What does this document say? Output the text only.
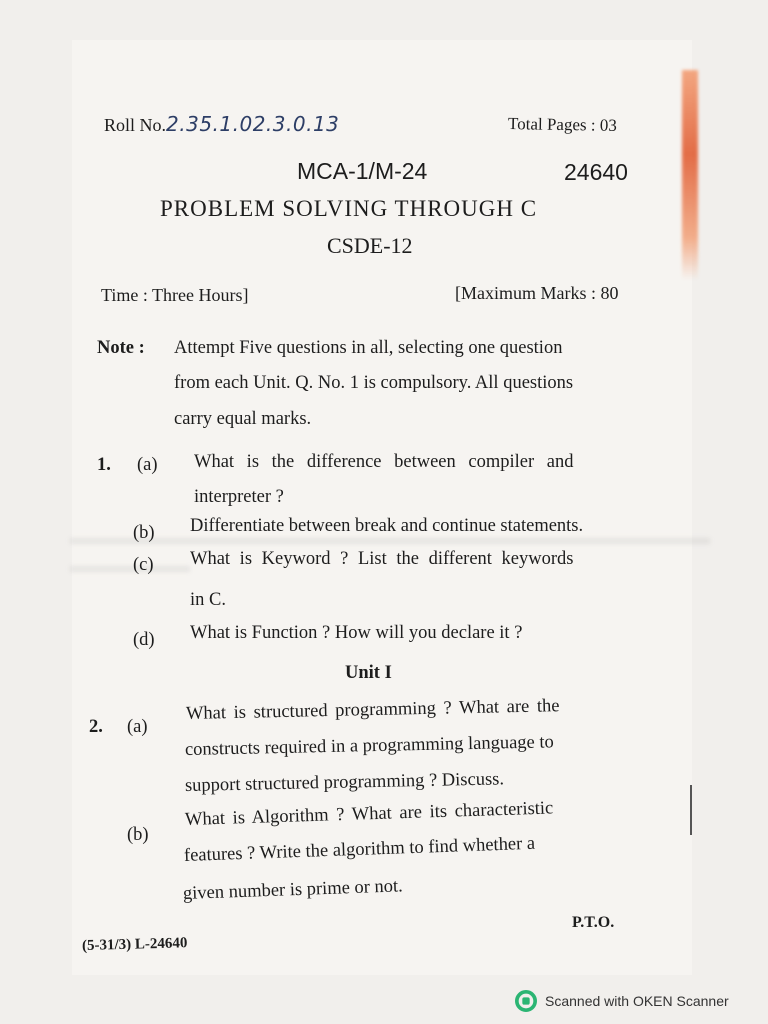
Roll No.2.35.1.02.3.0.13	Total Pages : 03
MCA-1/M-24	24640
PROBLEM SOLVING THROUGH C
CSDE-12
Time : Three Hours]	[Maximum Marks : 80
Note : Attempt Five questions in all, selecting one question
from each Unit. Q. No. 1 is compulsory. All questions
carry equal marks.
1. (a) What is the difference between compiler and
interpreter ?
(b) Differentiate between break and continue statements.
(c) What is Keyword ? List the different keywords
in C.
(d) What is Function ? How will you declare it ?
Unit I
2. (a)
What is structured programming ? What are the
constructs required in a programming language to
support structured programming ? Discuss.
(b)
What is Algorithm ? What are its characteristic
features ? Write the algorithm to find whether a
given number is prime or not.
P.T.O.
(5-31/3) L-24640
Scanned with OKEN Scanner
